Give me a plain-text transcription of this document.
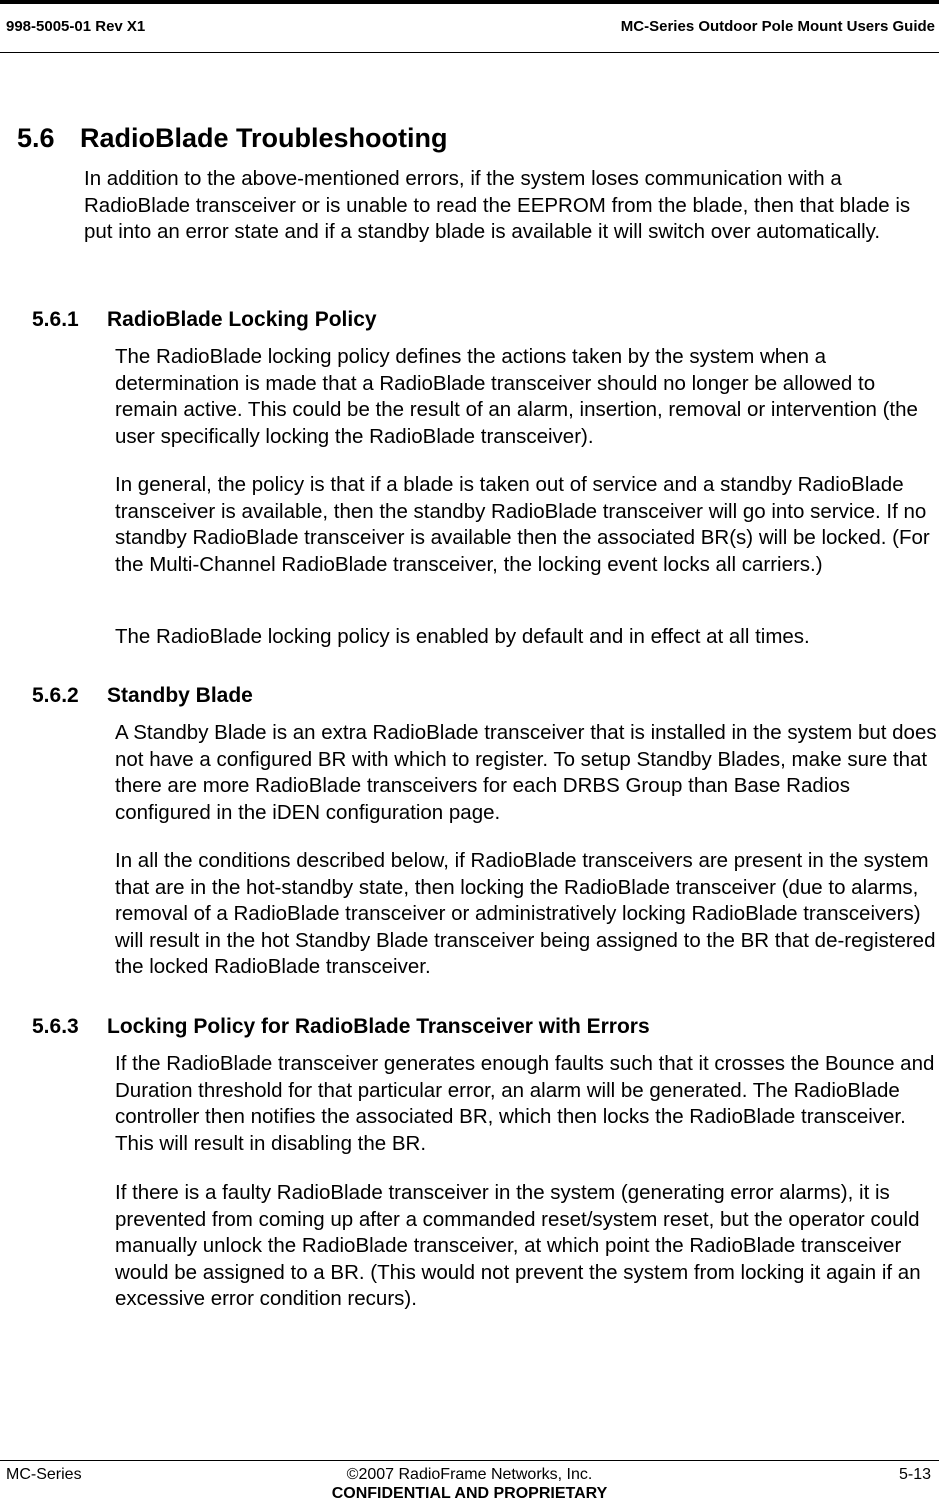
998-5005-01 Rev X1	MC-Series Outdoor Pole Mount Users Guide
5.6 RadioBlade Troubleshooting

In addition to the above-mentioned errors, if the system loses communication with a RadioBlade transceiver or is unable to read the EEPROM from the blade, then that blade is put into an error state and if a standby blade is available it will switch over automatically.

5.6.1 RadioBlade Locking Policy

The RadioBlade locking policy defines the actions taken by the system when a determination is made that a RadioBlade transceiver should no longer be allowed to remain active. This could be the result of an alarm, insertion, removal or intervention (the user specifically locking the RadioBlade transceiver).

In general, the policy is that if a blade is taken out of service and a standby RadioBlade transceiver is available, then the standby RadioBlade transceiver will go into service. If no standby RadioBlade transceiver is available then the associated BR(s) will be locked. (For the Multi-Channel RadioBlade transceiver, the locking event locks all carriers.)

The RadioBlade locking policy is enabled by default and in effect at all times.

5.6.2 Standby Blade

A Standby Blade is an extra RadioBlade transceiver that is installed in the system but does not have a configured BR with which to register. To setup Standby Blades, make sure that there are more RadioBlade transceivers for each DRBS Group than Base Radios configured in the iDEN configuration page.

In all the conditions described below, if RadioBlade transceivers are present in the system that are in the hot-standby state, then locking the RadioBlade transceiver (due to alarms, removal of a RadioBlade transceiver or administratively locking RadioBlade transceivers) will result in the hot Standby Blade transceiver being assigned to the BR that de-registered the locked RadioBlade transceiver.

5.6.3 Locking Policy for RadioBlade Transceiver with Errors

If the RadioBlade transceiver generates enough faults such that it crosses the Bounce and Duration threshold for that particular error, an alarm will be generated. The RadioBlade controller then notifies the associated BR, which then locks the RadioBlade transceiver. This will result in disabling the BR.

If there is a faulty RadioBlade transceiver in the system (generating error alarms), it is prevented from coming up after a commanded reset/system reset, but the operator could manually unlock the RadioBlade transceiver, at which point the RadioBlade transceiver would be assigned to a BR. (This would not prevent the system from locking it again if an excessive error condition recurs).

MC-Series	©2007 RadioFrame Networks, Inc.	5-13
CONFIDENTIAL AND PROPRIETARY
